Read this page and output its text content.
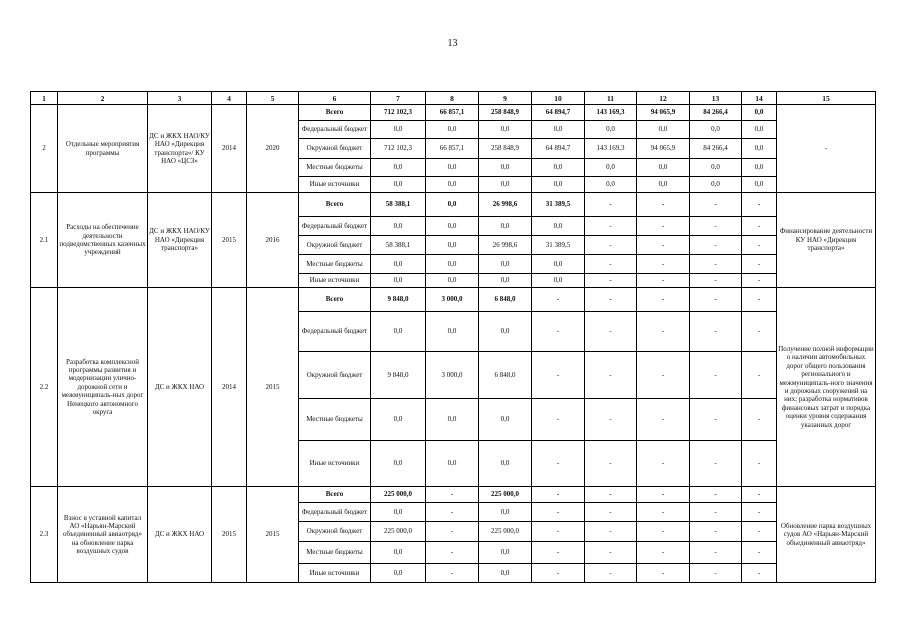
13
1	2	3	4	5	6	7	8	9	10	11	12	13	14	15
2	Отдельные мероприятия программы	ДС и ЖКХ НАО/КУ НАО «Дирекция транспорта»/ КУ НАО «ЦСЗ»	2014	2020	Всего	712 102,3	66 857,1	258 848,9	64 894,7	143 169,3	94 065,9	84 266,4	0,0	-
					Федеральный бюджет	0,0	0,0	0,0	0,0	0,0	0,0	0,0	0,0	
					Окружной бюджет	712 102,3	66 857,1	258 848,9	64 894,7	143 169,3	94 065,9	84 266,4	0,0	
					Местные бюджеты	0,0	0,0	0,0	0,0	0,0	0,0	0,0	0,0	
					Иные источники	0,0	0,0	0,0	0,0	0,0	0,0	0,0	0,0	
2.1	Расходы на обеспечение деятельности подведомственных казенных учреждений	ДС и ЖКХ НАО/КУ НАО «Дирекция транспорта»	2015	2016	Всего	58 388,1	0,0	26 998,6	31 389,5	-	-	-	-	Финансирование деятельности КУ НАО «Дирекция транспорта»
					Федеральный бюджет	0,0	0,0	0,0	0,0	-	-	-	-	
					Окружной бюджет	58 388,1	0,0	26 998,6	31 389,5	-	-	-	-	
					Местные бюджеты	0,0	0,0	0,0	0,0	-	-	-	-	
					Иные источники	0,0	0,0	0,0	0,0	-	-	-	-	
2.2	Разработка комплексной программы развития и модернизации улично-дорожной сети и межмуниципаль-ных дорог Ненецкого автономного округа	ДС и ЖКХ НАО	2014	2015	Всего	9 848,0	3 000,0	6 848,0	-	-	-	-	-	Получение полной информации о наличии автомобильных дорог общего пользования регионального и межмуниципаль-ного значения и дорожных сооружений на них; разработка нормативов финансовых затрат и порядка оценки уровня содержания указанных дорог
					Федеральный бюджет	0,0	0,0	0,0	-	-	-	-	-	
					Окружной бюджет	9 848,0	3 000,0	6 848,0	-	-	-	-	-	
					Местные бюджеты	0,0	0,0	0,0	-	-	-	-	-	
					Иные источники	0,0	0,0	0,0	-	-	-	-	-	
2.3	Взнос в уставной капитал АО «Нарьян-Марский объединенный авиаотряд» на обновление парка воздушных судов	ДС и ЖКХ НАО	2015	2015	Всего	225 000,0	-	225 000,0	-	-	-	-	-	Обновление парка воздушных судов АО «Нарьян-Марский объединенный авиаотряд»
					Федеральный бюджет	0,0	-	0,0	-	-	-	-	-	
					Окружной бюджет	225 000,0	-	225 000,0	-	-	-	-	-	
					Местные бюджеты	0,0	-	0,0	-	-	-	-	-	
					Иные источники	0,0	-	0,0	-	-	-	-	-	
